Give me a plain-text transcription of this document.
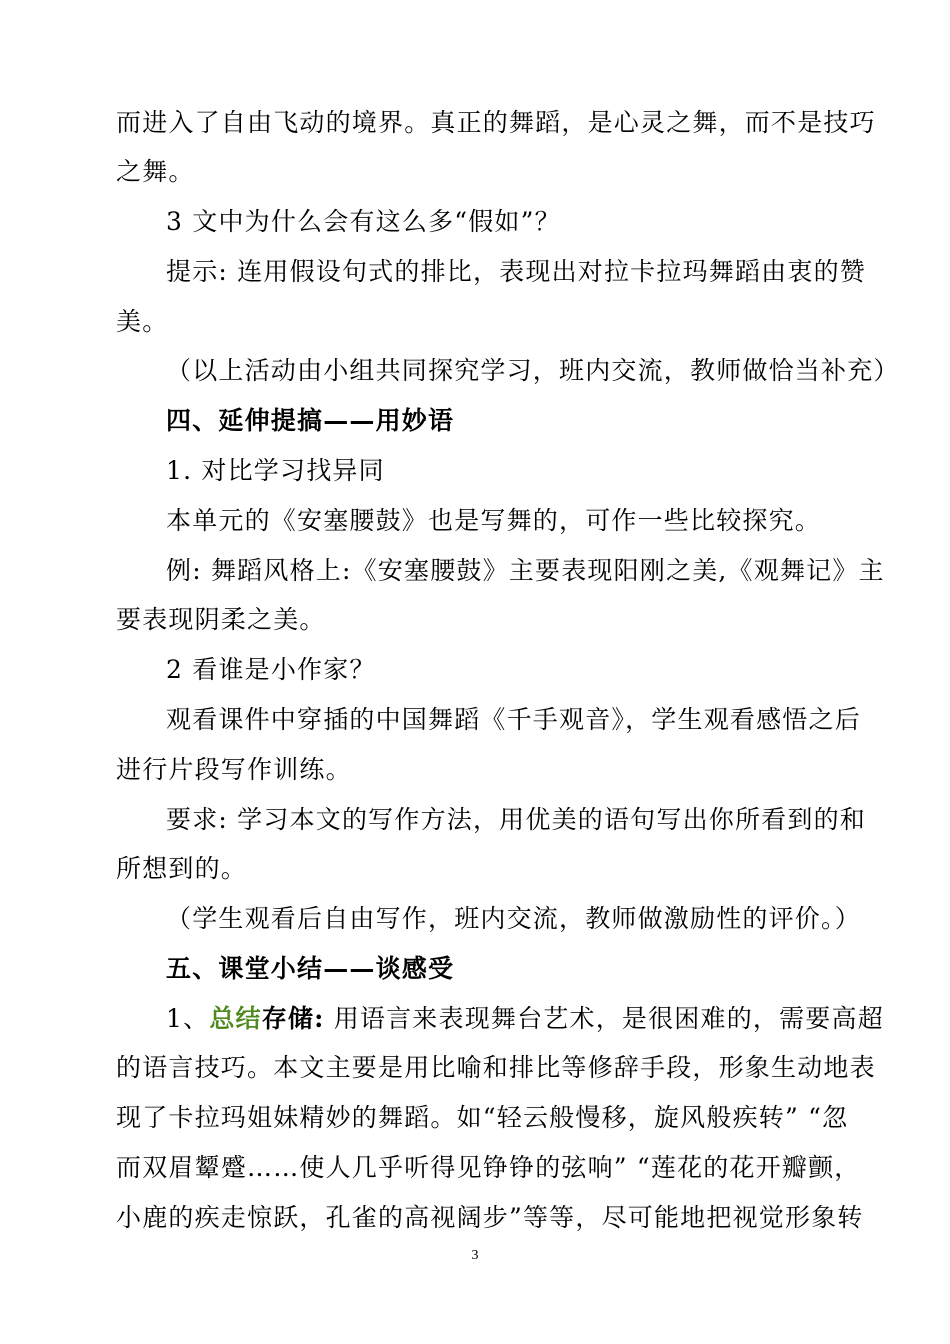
而进入了自由飞动的境界。真正的舞蹈，是心灵之舞，而不是技巧
之舞。
3 文中为什么会有这么多“假如”？
提示: 连用假设句式的排比，表现出对拉卡拉玛舞蹈由衷的赞
美。
（以上活动由小组共同探究学习，班内交流，教师做恰当补充）
四、延伸提搞——用妙语
1. 对比学习找异同
本单元的《安塞腰鼓》也是写舞的，可作一些比较探究。
例: 舞蹈风格上:《安塞腰鼓》主要表现阳刚之美,《观舞记》主
要表现阴柔之美。
2 看谁是小作家？
观看课件中穿插的中国舞蹈《千手观音》，学生观看感悟之后
进行片段写作训练。
要求: 学习本文的写作方法，用优美的语句写出你所看到的和
所想到的。
（学生观看后自由写作，班内交流，教师做激励性的评价。）
五、课堂小结——谈感受
1、总结存储: 用语言来表现舞台艺术，是很困难的，需要高超
的语言技巧。本文主要是用比喻和排比等修辞手段，形象生动地表
现了卡拉玛姐妹精妙的舞蹈。如“轻云般慢移，旋风般疾转” “忽
而双眉颦蹙……使人几乎听得见铮铮的弦响” “莲花的花开瓣颤，
小鹿的疾走惊跃，孔雀的高视阔步”等等，尽可能地把视觉形象转
3
